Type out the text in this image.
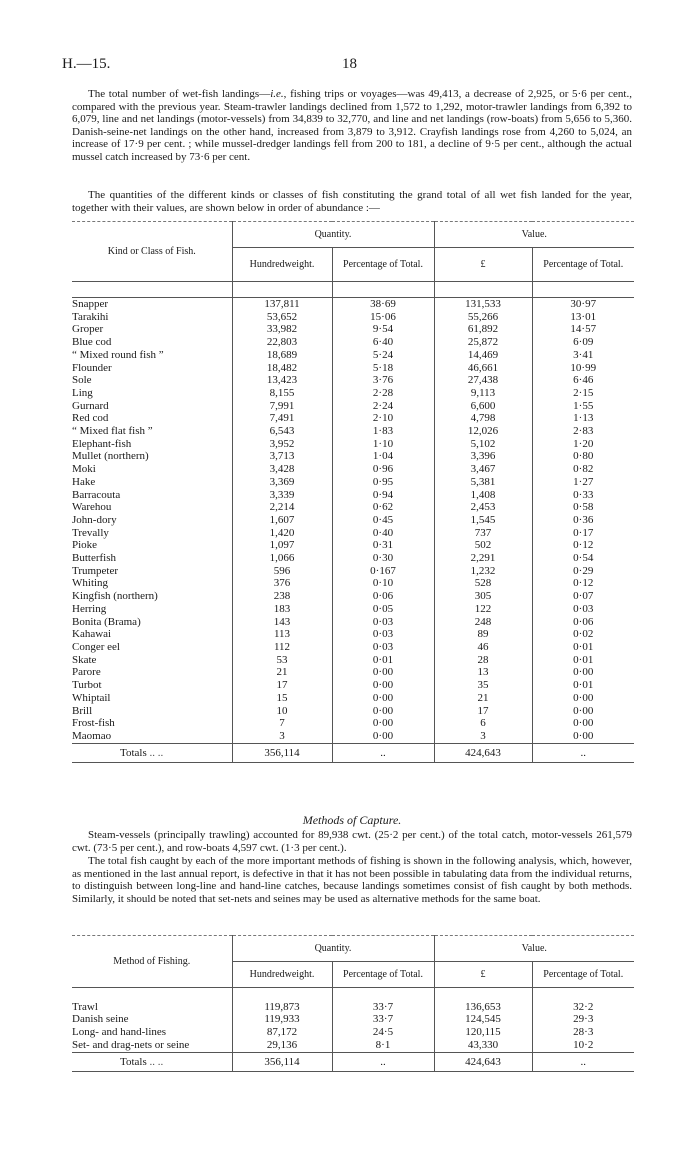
H.—15.	18

The total number of wet-fish landings—i.e., fishing trips or voyages—was 49,413, a decrease of 2,925, or 5·6 per cent., compared with the previous year. Steam-trawler landings declined from 1,572 to 1,292, motor-trawler landings from 6,392 to 6,079, line and net landings (motor-vessels) from 34,839 to 32,770, and line and net landings (row-boats) from 5,656 to 5,360. Danish-seine-net landings on the other hand, increased from 3,879 to 3,912. Crayfish landings rose from 4,260 to 5,024, an increase of 17·9 per cent. ; while mussel-dredger landings fell from 200 to 181, a decline of 9·5 per cent., although the actual mussel catch increased by 73·6 per cent.

The quantities of the different kinds or classes of fish constituting the grand total of all wet fish landed for the year, together with their values, are shown below in order of abundance :—

Kind or Class of Fish.	Quantity.		Value.	
	Hundredweight.	Percentage of Total.	£	Percentage of Total.

Snapper	137,811	38·69	131,533	30·97
Tarakihi	53,652	15·06	55,266	13·01
Groper	33,982	9·54	61,892	14·57
Blue cod	22,803	6·40	25,872	6·09
“ Mixed round fish ”	18,689	5·24	14,469	3·41
Flounder	18,482	5·18	46,661	10·99
Sole	13,423	3·76	27,438	6·46
Ling	8,155	2·28	9,113	2·15
Gurnard	7,991	2·24	6,600	1·55
Red cod	7,491	2·10	4,798	1·13
“ Mixed flat fish ”	6,543	1·83	12,026	2·83
Elephant-fish	3,952	1·10	5,102	1·20
Mullet (northern)	3,713	1·04	3,396	0·80
Moki	3,428	0·96	3,467	0·82
Hake	3,369	0·95	5,381	1·27
Barracouta	3,339	0·94	1,408	0·33
Warehou	2,214	0·62	2,453	0·58
John-dory	1,607	0·45	1,545	0·36
Trevally	1,420	0·40	737	0·17
Pioke	1,097	0·31	502	0·12
Butterfish	1,066	0·30	2,291	0·54
Trumpeter	596	0·167	1,232	0·29
Whiting	376	0·10	528	0·12
Kingfish (northern)	238	0·06	305	0·07
Herring	183	0·05	122	0·03
Bonita (Brama)	143	0·03	248	0·06
Kahawai	113	0·03	89	0·02
Conger eel	112	0·03	46	0·01
Skate	53	0·01	28	0·01
Parore	21	0·00	13	0·00
Turbot	17	0·00	35	0·01
Whiptail	15	0·00	21	0·00
Brill	10	0·00	17	0·00
Frost-fish	7	0·00	6	0·00
Maomao	3	0·00	3	0·00
Totals .. ..	356,114	..	424,643	..
Methods of Capture.

Steam-vessels (principally trawling) accounted for 89,938 cwt. (25·2 per cent.) of the total catch, motor-vessels 261,579 cwt. (73·5 per cent.), and row-boats 4,597 cwt. (1·3 per cent.).

The total fish caught by each of the more important methods of fishing is shown in the following analysis, which, however, as mentioned in the last annual report, is defective in that it has not been possible in tabulating data from the individual returns, to distinguish between long-line and hand-line catches, because landings sometimes consist of fish caught by both methods. Similarly, it should be noted that set-nets and seines may be used as alternative methods for the same boat.

Method of Fishing.	Quantity.		Value.	
	Hundredweight.	Percentage of Total.	£	Percentage of Total.

Trawl	119,873	33·7	136,653	32·2
Danish seine	119,933	33·7	124,545	29·3
Long- and hand-lines	87,172	24·5	120,115	28·3
Set- and drag-nets or seine	29,136	8·1	43,330	10·2
Totals .. ..	356,114	..	424,643	..
